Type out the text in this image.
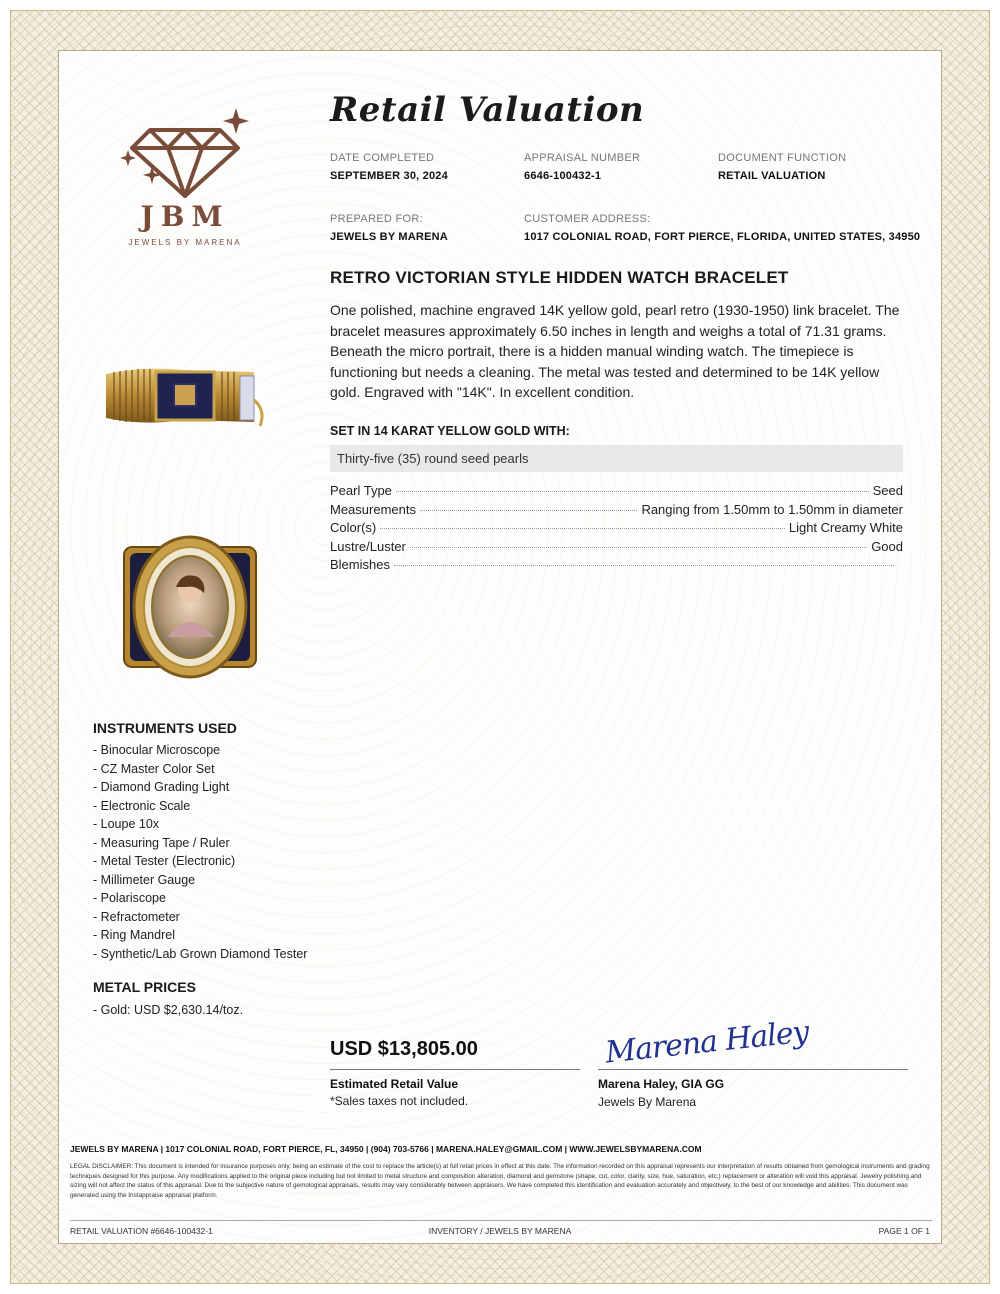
JBM
JEWELS BY MARENA
Retail Valuation
DATE COMPLETED
SEPTEMBER 30, 2024
APPRAISAL NUMBER
6646-100432-1
DOCUMENT FUNCTION
RETAIL VALUATION
PREPARED FOR:
JEWELS BY MARENA
CUSTOMER ADDRESS:
1017 COLONIAL ROAD, FORT PIERCE, FLORIDA, UNITED STATES, 34950
RETRO VICTORIAN STYLE HIDDEN WATCH BRACELET
One polished, machine engraved 14K yellow gold, pearl retro (1930-1950) link bracelet. The bracelet measures approximately 6.50 inches in length and weighs a total of 71.31 grams. Beneath the micro portrait, there is a hidden manual winding watch. The timepiece is functioning but needs a cleaning. The metal was tested and determined to be 14K yellow gold. Engraved with "14K". In excellent condition.
SET IN 14 KARAT YELLOW GOLD WITH:
Thirty-five (35) round seed pearls
Pearl Type	Seed
Measurements	Ranging from 1.50mm to 1.50mm in diameter
Color(s)	Light Creamy White
Lustre/Luster	Good
Blemishes
INSTRUMENTS USED
- Binocular Microscope
- CZ Master Color Set
- Diamond Grading Light
- Electronic Scale
- Loupe 10x
- Measuring Tape / Ruler
- Metal Tester (Electronic)
- Millimeter Gauge
- Polariscope
- Refractometer
- Ring Mandrel
- Synthetic/Lab Grown Diamond Tester
METAL PRICES
- Gold: USD $2,630.14/toz.
USD $13,805.00
Estimated Retail Value
*Sales taxes not included.
Marena Haley
Marena Haley, GIA GG
Jewels By Marena
JEWELS BY MARENA | 1017 COLONIAL ROAD, FORT PIERCE, FL, 34950 | (904) 703-5766 | MARENA.HALEY@GMAIL.COM | WWW.JEWELSBYMARENA.COM
LEGAL DISCLAIMER: This document is intended for insurance purposes only, being an estimate of the cost to replace the article(s) at full retail prices in effect at this date. The information recorded on this appraisal represents our interpretation of results obtained from gemological instruments and grading techniques designed for this purpose. Any modifications applied to the original piece including but not limited to metal structure and composition alteration, diamond and gemstone (shape, cut, color, clarity, size, hue, saturation, etc.) replacement or alteration will void this appraisal. Jewelry polishing and sizing will not affect the status of this appraisal. Due to the subjective nature of gemological appraisals, results may vary considerably between appraisers. We have completed this identification and evaluation accurately and objectively, to the best of our knowledge and abilities. This document was generated using the Instappraise appraisal platform.
RETAIL VALUATION #6646-100432-1	INVENTORY / JEWELS BY MARENA	PAGE 1 OF 1
